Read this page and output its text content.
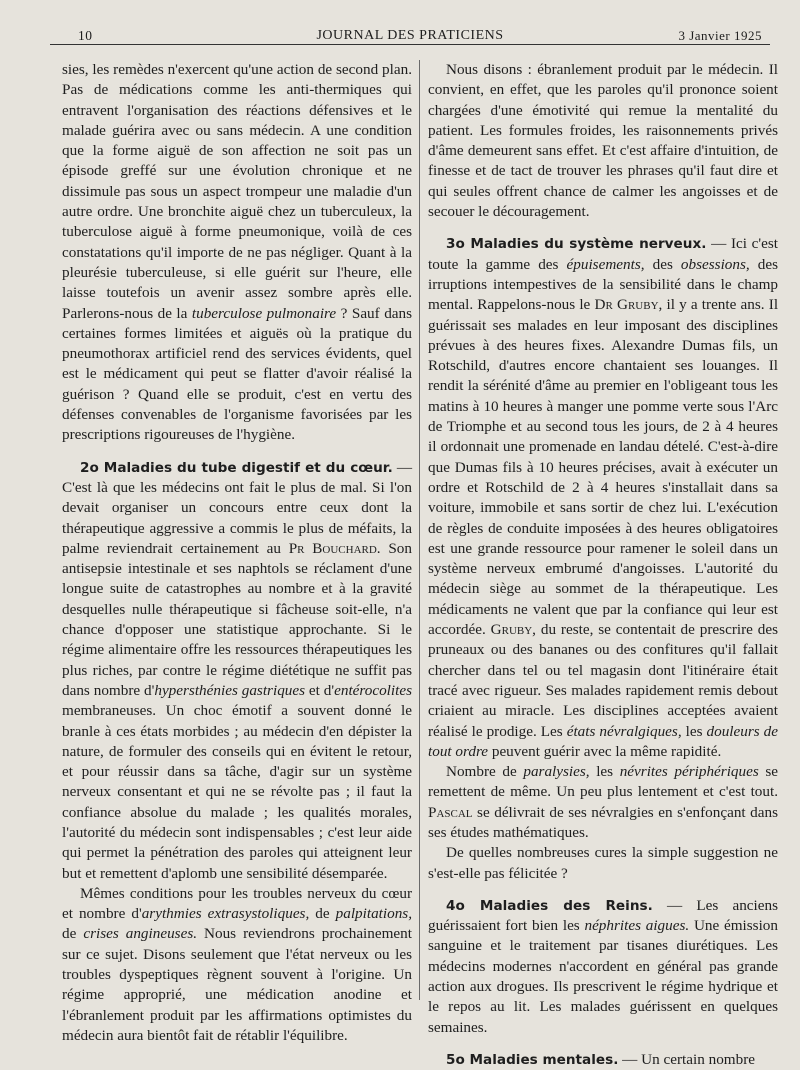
10	JOURNAL DES PRATICIENS	3 Janvier 1925

sies, les remèdes n'exercent qu'une action de second plan. Pas de médications comme les anti-thermiques qui entravent l'organisation des réactions défensives et le malade guérira avec ou sans médecin. A une condition que la forme aiguë de son affection ne soit pas un épisode greffé sur une évolution chronique et ne dissimule pas sous un aspect trompeur une maladie d'un autre ordre. Une bronchite aiguë chez un tuberculeux, la tuberculose aiguë à forme pneumonique, voilà de ces constatations qu'il importe de ne pas négliger. Quant à la pleurésie tuberculeuse, si elle guérit sur l'heure, elle laisse toutefois un avenir assez sombre après elle. Parlerons-nous de la tuberculose pulmonaire ? Sauf dans certaines formes limitées et aiguës où la pratique du pneumothorax artificiel rend des services évidents, quel est le médicament qui peut se flatter d'avoir réalisé la guérison ? Quand elle se produit, c'est en vertu des défenses convenables de l'organisme favorisées par les prescriptions rigoureuses de l'hygiène.

2o Maladies du tube digestif et du cœur. — C'est là que les médecins ont fait le plus de mal. Si l'on devait organiser un concours entre ceux dont la thérapeutique aggressive a commis le plus de méfaits, la palme reviendrait certainement au Pr Bouchard. Son antisepsie intestinale et ses naphtols se réclament d'une longue suite de catastrophes au nombre et à la gravité desquelles nulle thérapeutique si fâcheuse soit-elle, n'a chance d'opposer une statistique approchante. Si le régime alimentaire offre les ressources thérapeutiques les plus riches, par contre le régime diététique ne suffit pas dans nombre d'hypersthénies gastriques et d'entérocolites membraneuses. Un choc émotif a souvent donné le branle à ces états morbides ; au médecin d'en dépister la nature, de formuler des conseils qui en évitent le retour, et pour réussir dans sa tâche, d'agir sur un système nerveux consentant et qui ne se révolte pas ; il faut la confiance absolue du malade ; les qualités morales, l'autorité du médecin sont indispensables ; c'est leur aide qui permet la pénétration des paroles qui atteignent leur but et remettent d'aplomb une sensibilité désemparée.

Mêmes conditions pour les troubles nerveux du cœur et nombre d'arythmies extrasystoliques, de palpitations, de crises angineuses. Nous reviendrons prochainement sur ce sujet. Disons seulement que l'état nerveux ou les troubles dyspeptiques règnent souvent à l'origine. Un régime approprié, une médication anodine et l'ébranlement produit par les affirmations optimistes du médecin aura bientôt fait de rétablir l'équilibre.

Nous disons : ébranlement produit par le médecin. Il convient, en effet, que les paroles qu'il prononce soient chargées d'une émotivité qui remue la mentalité du patient. Les formules froides, les raisonnements privés d'âme demeurent sans effet. Et c'est affaire d'intuition, de finesse et de tact de trouver les phrases qu'il faut dire et qui seules offrent chance de calmer les angoisses et de secouer le découragement.

3o Maladies du système nerveux. — Ici c'est toute la gamme des épuisements, des obsessions, des irruptions intempestives de la sensibilité dans le champ mental. Rappelons-nous le Dr Gruby, il y a trente ans. Il guérissait ses malades en leur imposant des disciplines prévues à des heures fixes. Alexandre Dumas fils, un Rotschild, d'autres encore chantaient ses louanges. Il rendit la sérénité d'âme au premier en l'obligeant tous les matins à 10 heures à manger une pomme verte sous l'Arc de Triomphe et au second tous les jours, de 2 à 4 heures il ordonnait une promenade en landau dételé. C'est-à-dire que Dumas fils à 10 heures précises, avait à exécuter un ordre et Rotschild de 2 à 4 heures s'installait dans sa voiture, immobile et sans sortir de chez lui. L'exécution de règles de conduite imposées à des heures obligatoires est une grande ressource pour ramener le soleil dans un système nerveux embrumé d'angoisses. L'autorité du médecin siège au sommet de la thérapeutique. Les médicaments ne valent que par la confiance qui leur est accordée. Gruby, du reste, se contentait de prescrire des pruneaux ou des bananes ou des confitures qu'il fallait chercher dans tel ou tel magasin dont l'itinéraire était tracé avec rigueur. Ses malades rapidement remis debout criaient au miracle. Les disciplines acceptées avaient réalisé le prodige. Les états névralgiques, les douleurs de tout ordre peuvent guérir avec la même rapidité.

Nombre de paralysies, les névrites périphériques se remettent de même. Un peu plus lentement et c'est tout. Pascal se délivrait de ses névralgies en s'enfonçant dans ses études mathématiques.

De quelles nombreuses cures la simple suggestion ne s'est-elle pas félicitée ?

4o Maladies des Reins. — Les anciens guérissaient fort bien les néphrites aigues. Une émission sanguine et le traitement par tisanes diurétiques. Les médecins modernes n'accordent en général pas grande action aux drogues. Ils prescrivent le régime hydrique et le repos au lit. Les malades guérissent en quelques semaines.

5o Maladies mentales. — Un certain nombre
